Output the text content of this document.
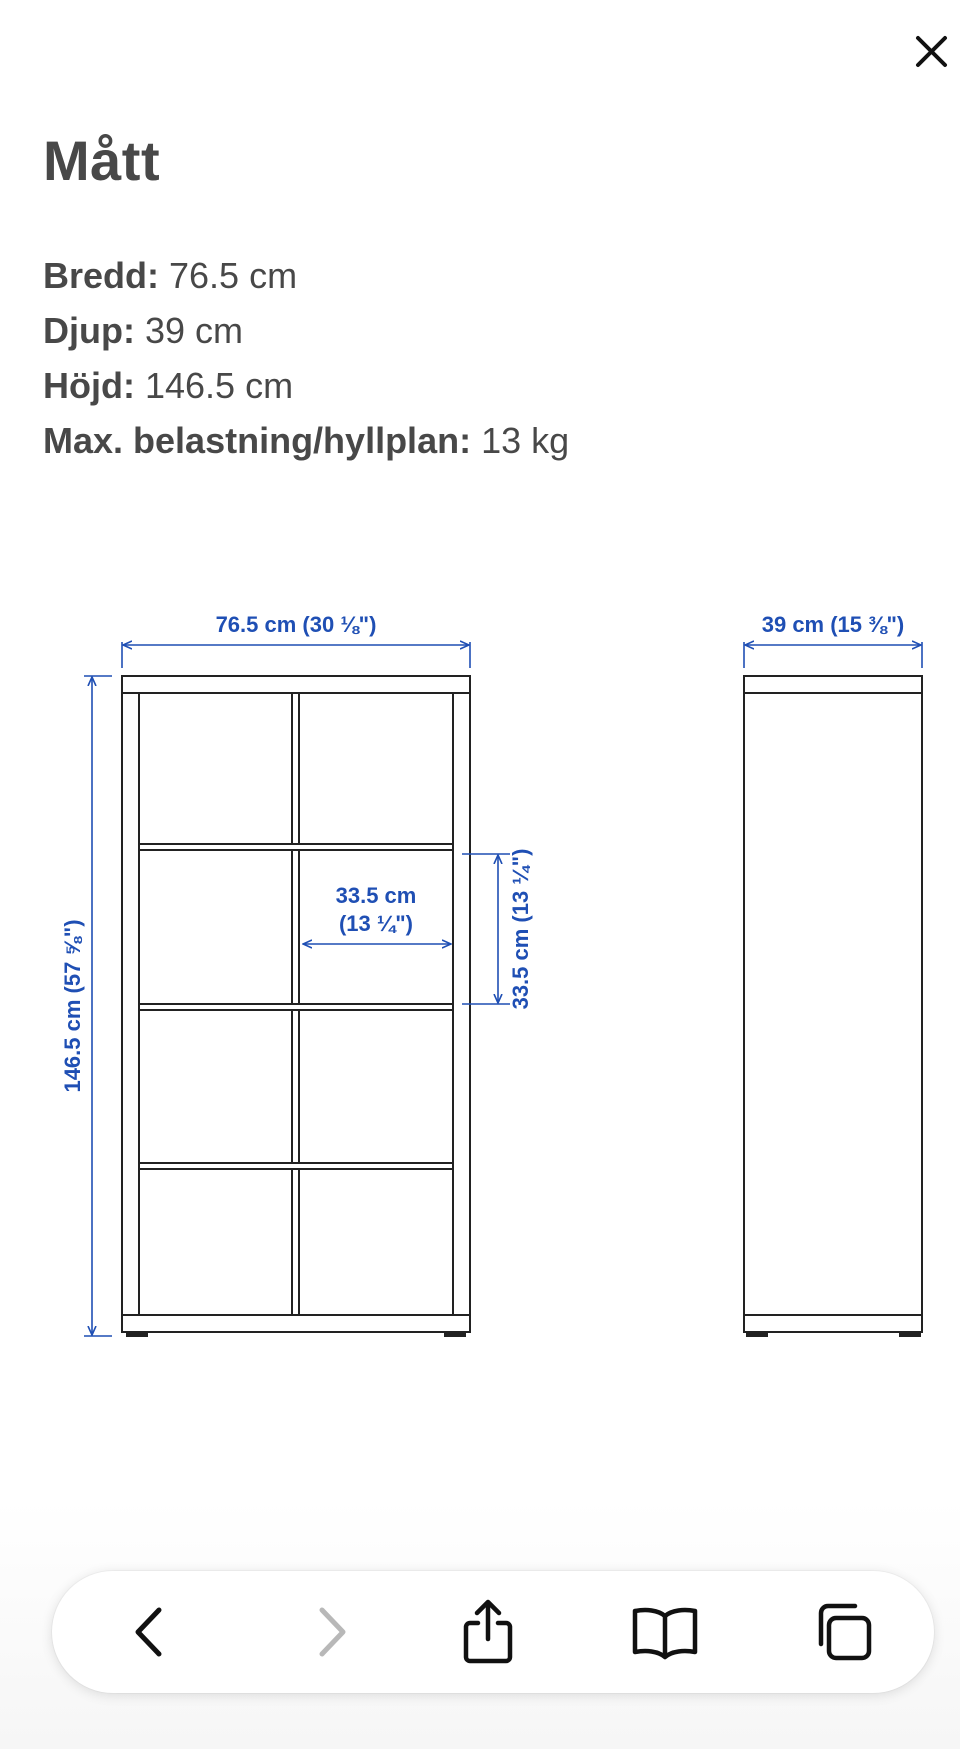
Mått
Bredd: 76.5 cm
Djup: 39 cm
Höjd: 146.5 cm
Max. belastning/hyllplan: 13 kg
76.5 cm (30 ⅛")	39 cm (15 ⅜")
146.5 cm (57 ⅝")
33.5 cm
(13 ¼")	33.5 cm (13 ¼")
